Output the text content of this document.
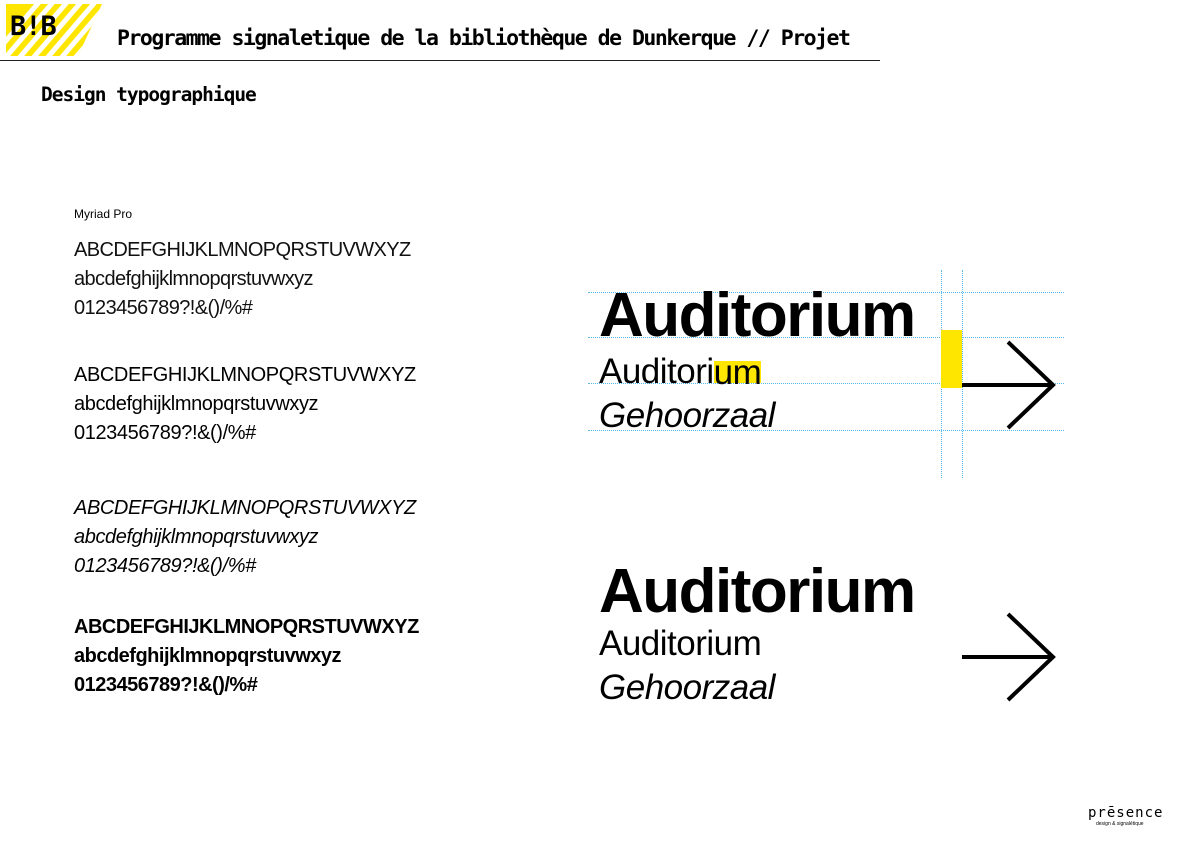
B!B	Programme signaletique de la bibliothèque de Dunkerque // Projet
Design typographique
Myriad Pro
ABCDEFGHIJKLMNOPQRSTUVWXYZ
abcdefghijklmnopqrstuvwxyz
0123456789?!&()/%#
ABCDEFGHIJKLMNOPQRSTUVWXYZ
abcdefghijklmnopqrstuvwxyz
0123456789?!&()/%#
ABCDEFGHIJKLMNOPQRSTUVWXYZ
abcdefghijklmnopqrstuvwxyz
0123456789?!&()/%#
ABCDEFGHIJKLMNOPQRSTUVWXYZ
abcdefghijklmnopqrstuvwxyz
0123456789?!&()/%#
Auditorium
Auditorium
Gehoorzaal
Auditorium
Auditorium
Gehoorzaal
prēsence
design & signalétique
